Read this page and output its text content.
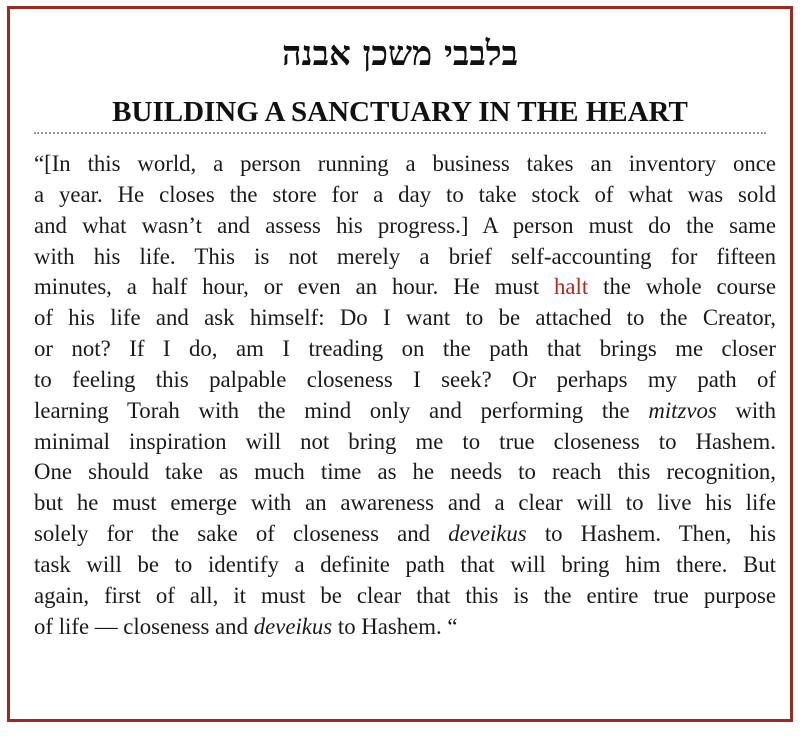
בלבבי משכן אבנה
BUILDING A SANCTUARY IN THE HEART
“[In this world, a person running a business takes an inventory once
a year. He closes the store for a day to take stock of what was sold
and what wasn’t and assess his progress.] A person must do the same
with his life. This is not merely a brief self-accounting for fifteen
minutes, a half hour, or even an hour. He must halt the whole course
of his life and ask himself: Do I want to be attached to the Creator,
or not? If I do, am I treading on the path that brings me closer
to feeling this palpable closeness I seek? Or perhaps my path of
learning Torah with the mind only and performing the mitzvos with
minimal inspiration will not bring me to true closeness to Hashem.
One should take as much time as he needs to reach this recognition,
but he must emerge with an awareness and a clear will to live his life
solely for the sake of closeness and deveikus to Hashem. Then, his
task will be to identify a definite path that will bring him there. But
again, first of all, it must be clear that this is the entire true purpose
of life — closeness and deveikus to Hashem. “
